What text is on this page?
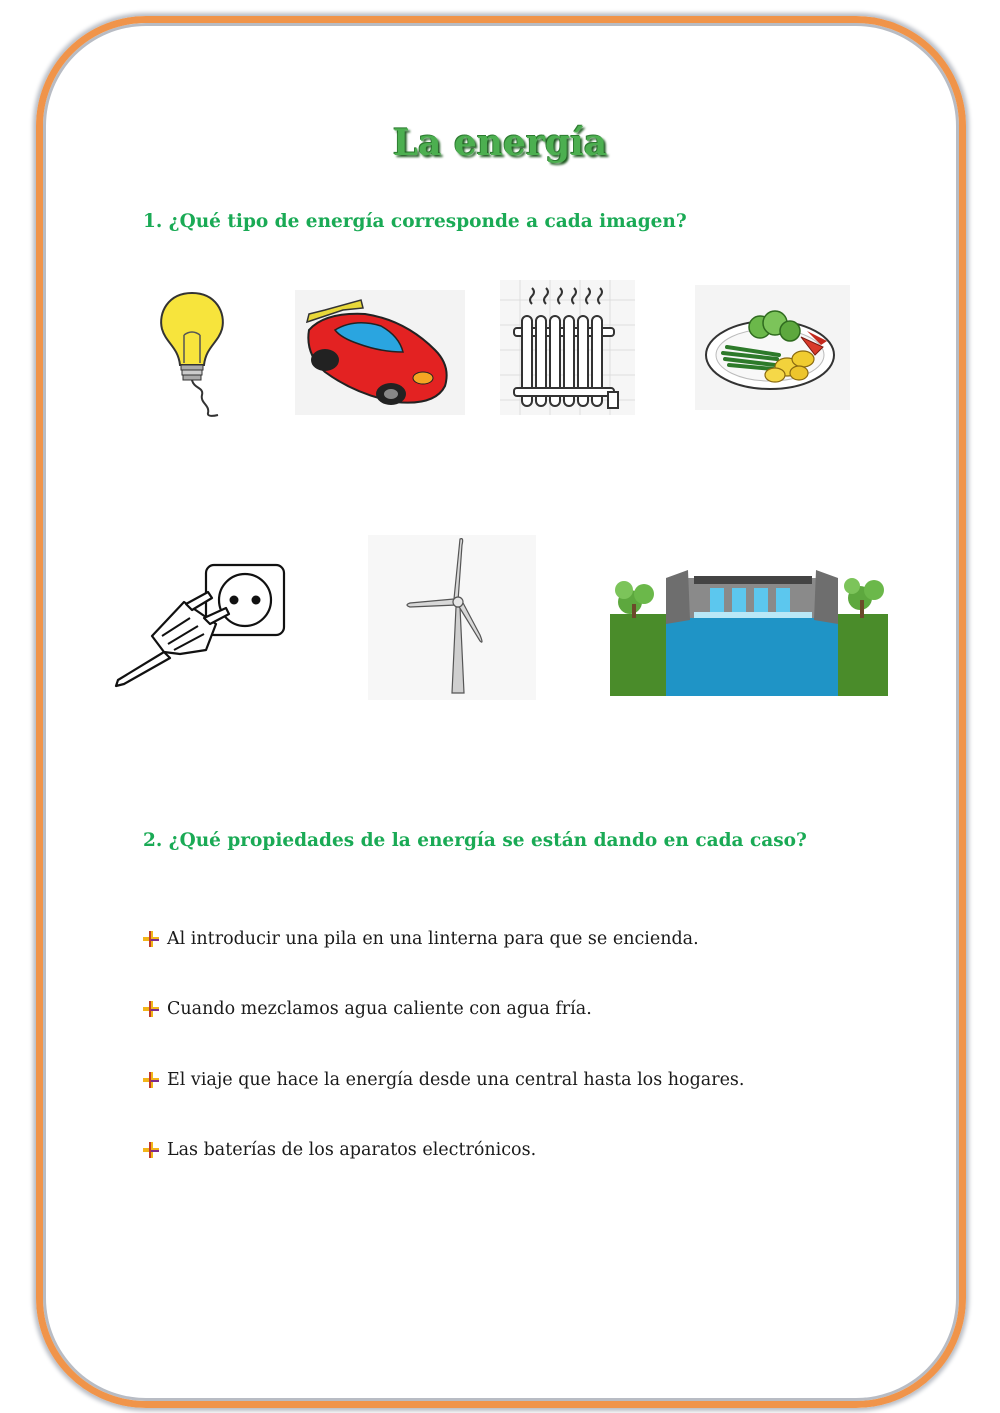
La energía
1. ¿Qué tipo de energía corresponde a cada imagen?
2. ¿Qué propiedades de la energía se están dando en cada caso?
Al introducir una pila en una linterna para que se encienda.
Cuando mezclamos agua caliente con agua fría.
El viaje que hace la energía desde una central hasta los hogares.
Las baterías de los aparatos electrónicos.
